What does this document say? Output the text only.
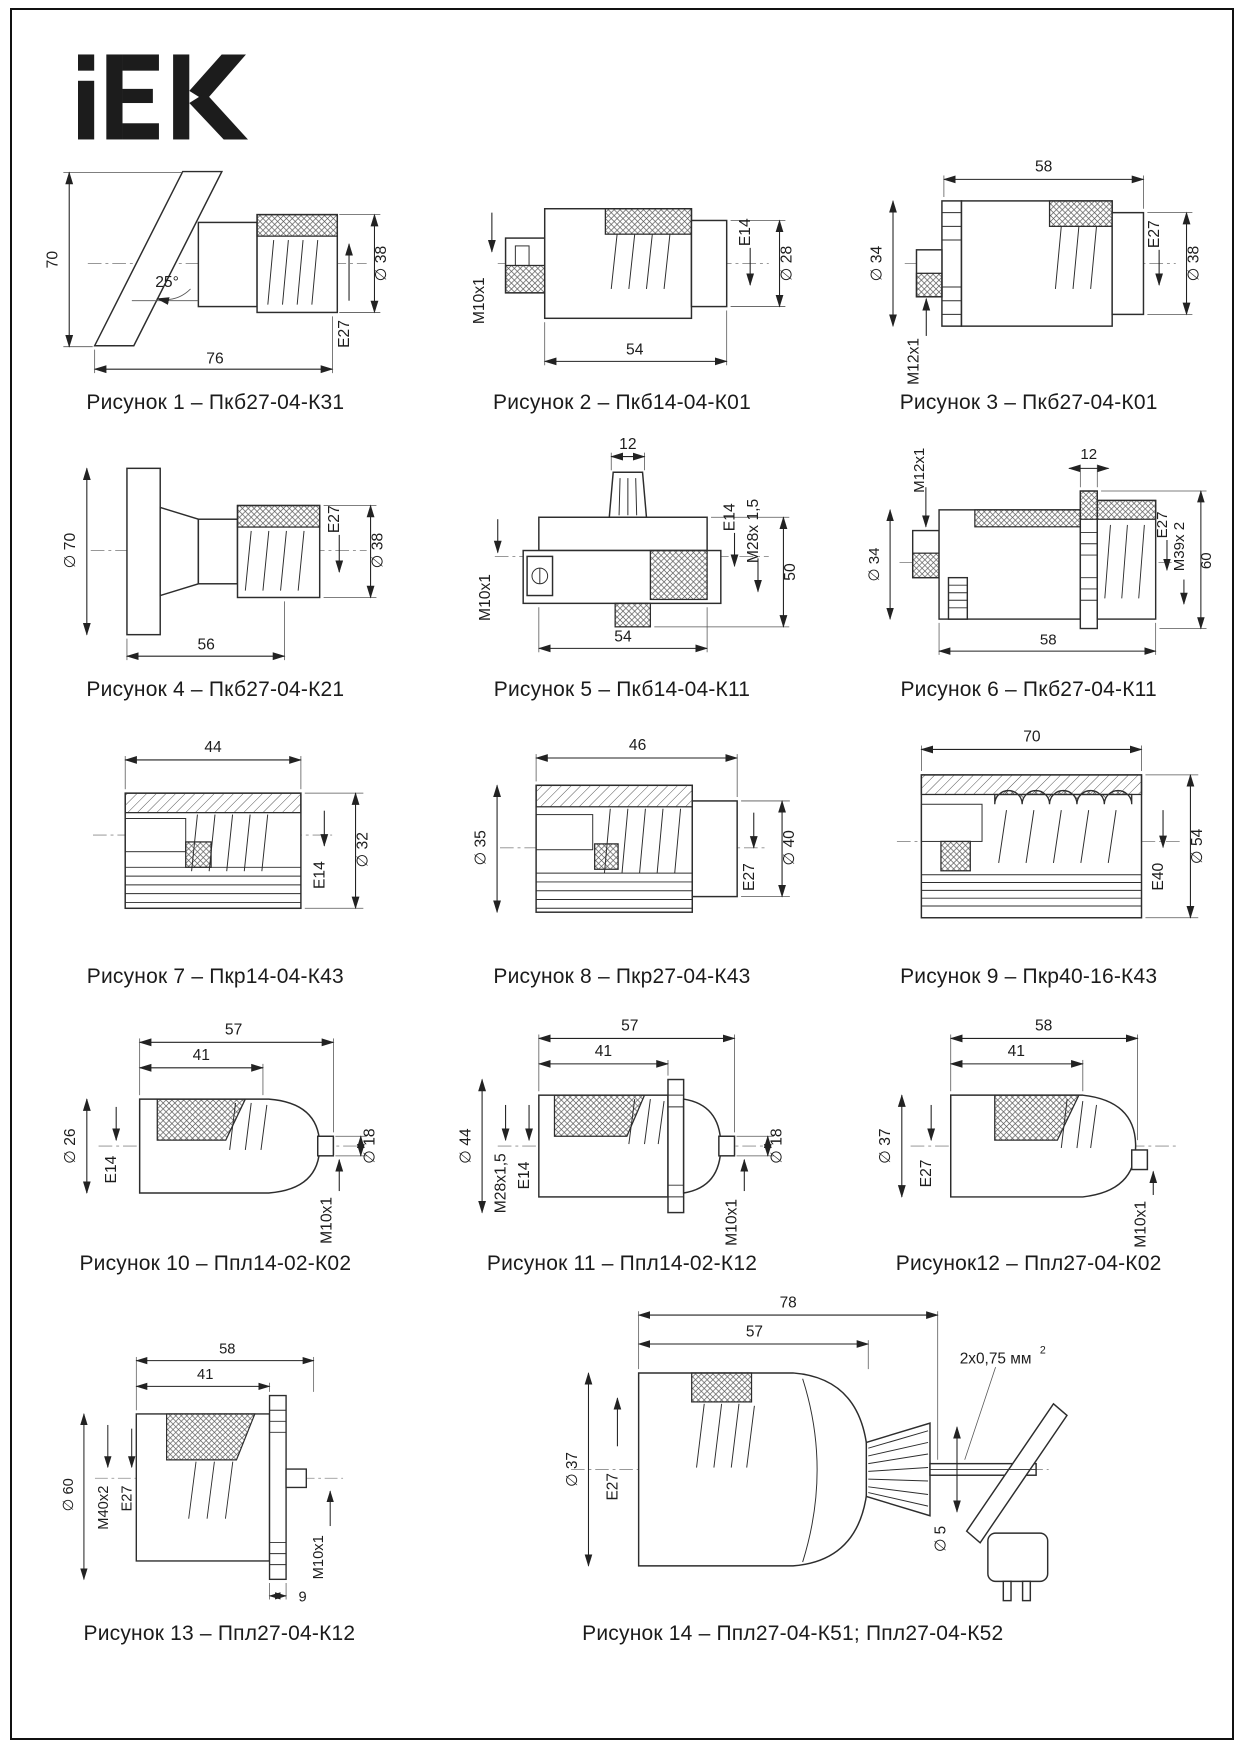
70
25°
76
E27
∅ 38
Рисунок 1 – Пкб27-04-К31
M10x1
54
E14
∅ 28
Рисунок 2 – Пкб14-04-К01
58
∅ 34
M12x1
E27
∅ 38
Рисунок 3 – Пкб27-04-К01
∅ 70
56
E27
∅ 38
Рисунок 4 – Пкб27-04-К21
12
M10x1
54
E14 M28x 1,5
50
Рисунок 5 – Пкб14-04-К11
M12x1	12
∅ 34
E27 M39x 2 60
58
Рисунок 6 – Пкб27-04-К11
44
E14
∅ 32
Рисунок 7 – Пкр14-04-К43
46
∅ 35
E27
∅ 40
Рисунок 8 – Пкр27-04-К43
70
E40
∅ 54
Рисунок 9 – Пкр40-16-К43
57
41
∅ 26
E14
∅ 18
M10x1
Рисунок 10 – Ппл14-02-К02
57
41
∅ 44
M28x1,5 E14
∅ 18
M10x1
Рисунок 11 – Ппл14-02-К12
58
41
∅ 37
E27
M10x1
Рисунок12 – Ппл27-04-К02
58
41
∅ 60 M40x2 E27
M10x1
9
Рисунок 13 – Ппл27-04-К12
78
57
∅ 37 E27
∅ 5
2x0,75 мм 2
Рисунок 14 – Ппл27-04-К51; Ппл27-04-К52
